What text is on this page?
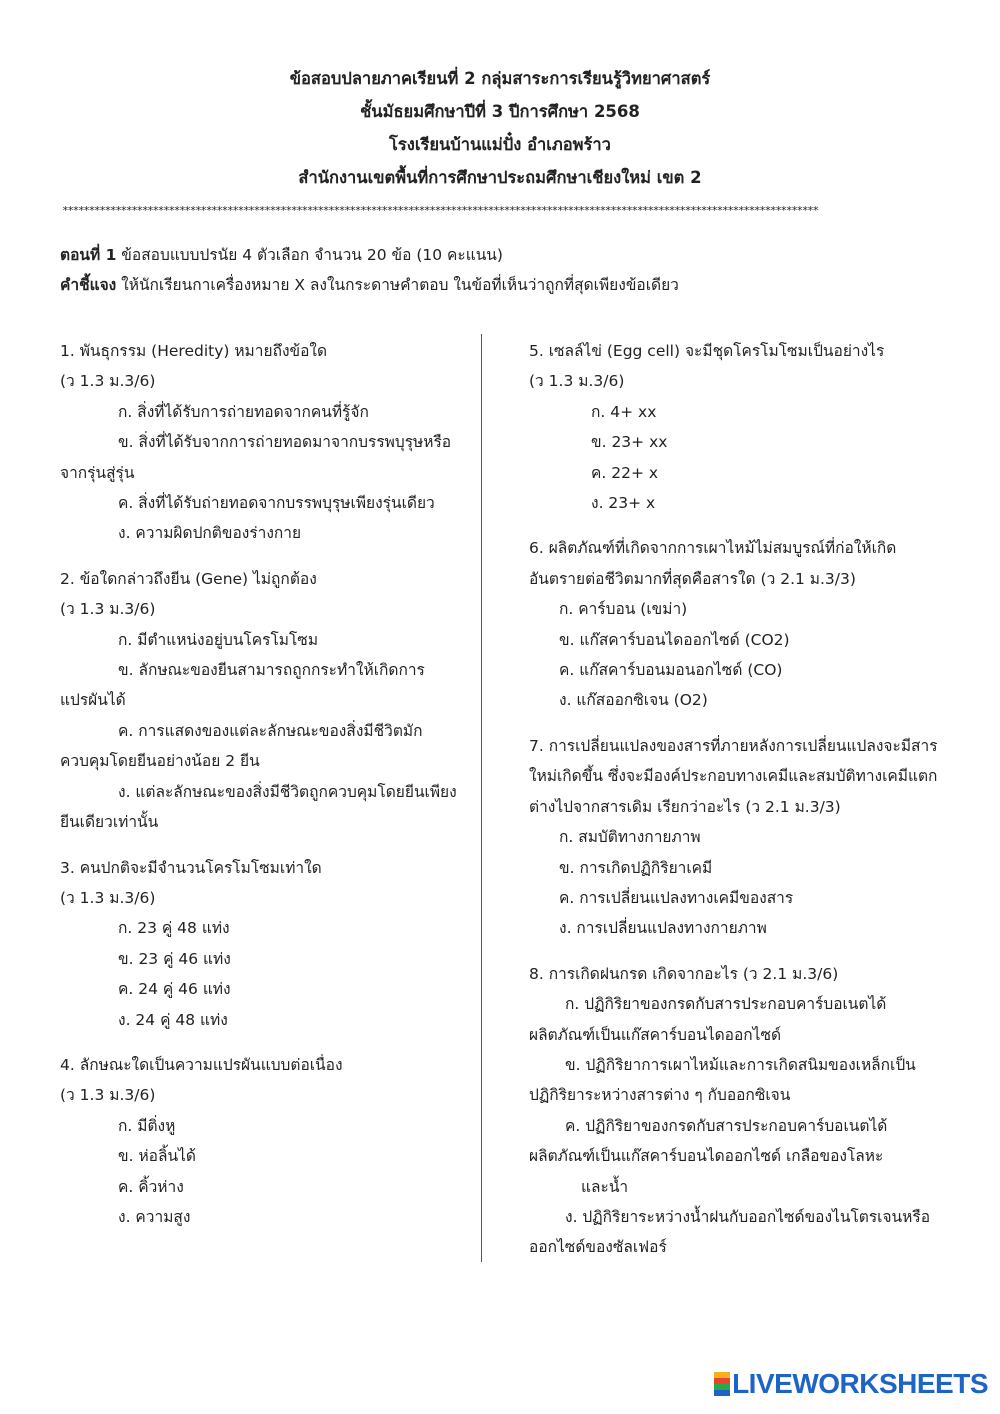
ข้อสอบปลายภาคเรียนที่ 2 กลุ่มสาระการเรียนรู้วิทยาศาสตร์
ชั้นมัธยมศึกษาปีที่ 3 ปีการศึกษา 2568
โรงเรียนบ้านแม่ปั๋ง อำเภอพร้าว
สำนักงานเขตพื้นที่การศึกษาประถมศึกษาเชียงใหม่ เขต 2
**********************************************************************************************************************************************
ตอนที่ 1 ข้อสอบแบบปรนัย 4 ตัวเลือก จำนวน 20 ข้อ (10 คะแนน)
คำชี้แจง ให้นักเรียนกาเครื่องหมาย X ลงในกระดาษคำตอบ ในข้อที่เห็นว่าถูกที่สุดเพียงข้อเดียว
1. พันธุกรรม (Heredity) หมายถึงข้อใด
(ว 1.3 ม.3/6)
ก. สิ่งที่ได้รับการถ่ายทอดจากคนที่รู้จัก
ข. สิ่งที่ได้รับจากการถ่ายทอดมาจากบรรพบุรุษหรือจากรุ่นสู่รุ่น
ค. สิ่งที่ได้รับถ่ายทอดจากบรรพบุรุษเพียงรุ่นเดียว
ง. ความผิดปกติของร่างกาย
2. ข้อใดกล่าวถึงยีน (Gene) ไม่ถูกต้อง
(ว 1.3 ม.3/6)
ก. มีตำแหน่งอยู่บนโครโมโซม
ข. ลักษณะของยีนสามารถถูกกระทำให้เกิดการแปรผันได้
ค. การแสดงของแต่ละลักษณะของสิ่งมีชีวิตมักควบคุมโดยยีนอย่างน้อย 2 ยีน
ง. แต่ละลักษณะของสิ่งมีชีวิตถูกควบคุมโดยยีนเพียงยีนเดียวเท่านั้น
3. คนปกติจะมีจำนวนโครโมโซมเท่าใด
(ว 1.3 ม.3/6)
ก. 23 คู่ 48 แท่ง
ข. 23 คู่ 46 แท่ง
ค. 24 คู่ 46 แท่ง
ง. 24 คู่ 48 แท่ง
4. ลักษณะใดเป็นความแปรผันแบบต่อเนื่อง
(ว 1.3 ม.3/6)
ก. มีติ่งหู
ข. ห่อลิ้นได้
ค. คิ้วห่าง
ง. ความสูง
5. เซลล์ไข่ (Egg cell) จะมีชุดโครโมโซมเป็นอย่างไร
(ว 1.3 ม.3/6)
ก. 4+ xx
ข. 23+ xx
ค. 22+ x
ง. 23+ x
6. ผลิตภัณฑ์ที่เกิดจากการเผาไหม้ไม่สมบูรณ์ที่ก่อให้เกิดอันตรายต่อชีวิตมากที่สุดคือสารใด (ว 2.1 ม.3/3)
ก. คาร์บอน (เขม่า)
ข. แก๊สคาร์บอนไดออกไซด์ (CO2)
ค. แก๊สคาร์บอนมอนอกไซด์ (CO)
ง. แก๊สออกซิเจน (O2)
7. การเปลี่ยนแปลงของสารที่ภายหลังการเปลี่ยนแปลงจะมีสารใหม่เกิดขึ้น ซึ่งจะมีองค์ประกอบทางเคมีและสมบัติทางเคมีแตกต่างไปจากสารเดิม เรียกว่าอะไร (ว 2.1 ม.3/3)
ก. สมบัติทางกายภาพ
ข. การเกิดปฏิกิริยาเคมี
ค. การเปลี่ยนแปลงทางเคมีของสาร
ง. การเปลี่ยนแปลงทางกายภาพ
8. การเกิดฝนกรด เกิดจากอะไร (ว 2.1 ม.3/6)
ก. ปฏิกิริยาของกรดกับสารประกอบคาร์บอเนตได้ผลิตภัณฑ์เป็นแก๊สคาร์บอนไดออกไซด์
ข. ปฏิกิริยาการเผาไหม้และการเกิดสนิมของเหล็กเป็นปฏิกิริยาระหว่างสารต่าง ๆ กับออกซิเจน
ค. ปฏิกิริยาของกรดกับสารประกอบคาร์บอเนตได้ผลิตภัณฑ์เป็นแก๊สคาร์บอนไดออกไซด์ เกลือของโลหะ
และน้ำ
ง. ปฏิกิริยาระหว่างน้ำฝนกับออกไซด์ของไนโตรเจนหรือออกไซด์ของซัลเฟอร์
LIVEWORKSHEETS
